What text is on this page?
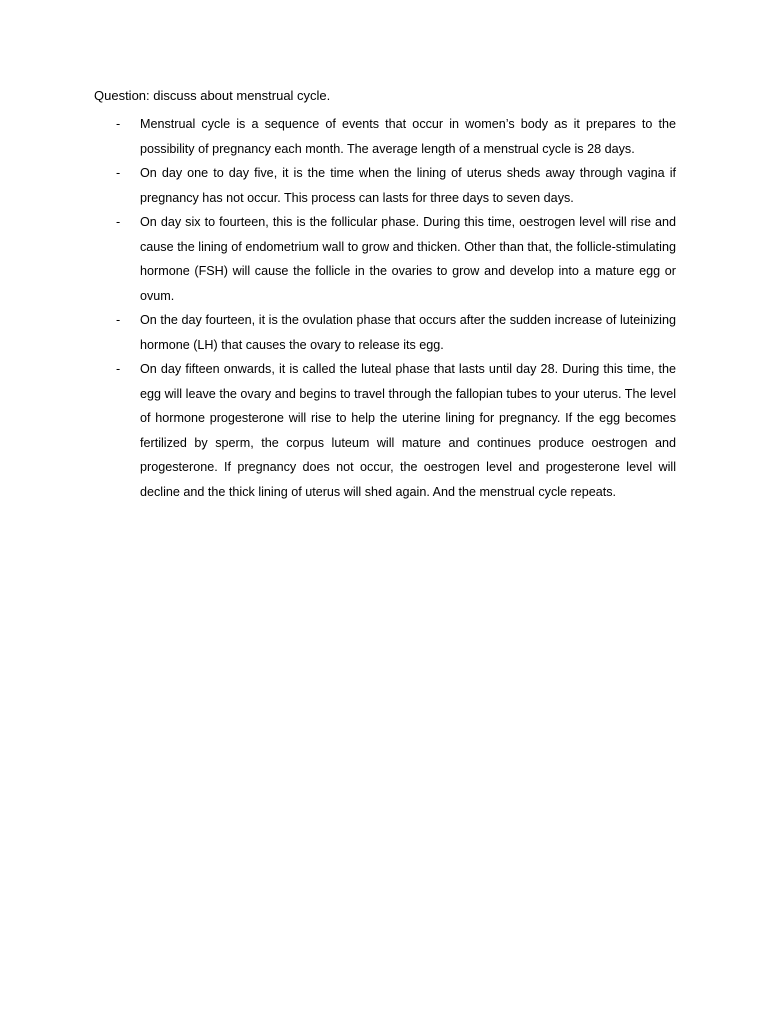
Question: discuss about menstrual cycle.
-	Menstrual cycle is a sequence of events that occur in women’s body as it prepares to the possibility of pregnancy each month. The average length of a menstrual cycle is 28 days.
-	On day one to day five, it is the time when the lining of uterus sheds away through vagina if pregnancy has not occur. This process can lasts for three days to seven days.
-	On day six to fourteen, this is the follicular phase. During this time, oestrogen level will rise and cause the lining of endometrium wall to grow and thicken. Other than that, the follicle-stimulating hormone (FSH) will cause the follicle in the ovaries to grow and develop into a mature egg or ovum.
-	On the day fourteen, it is the ovulation phase that occurs after the sudden increase of luteinizing hormone (LH) that causes the ovary to release its egg.
-	On day fifteen onwards, it is called the luteal phase that lasts until day 28. During this time, the egg will leave the ovary and begins to travel through the fallopian tubes to your uterus. The level of hormone progesterone will rise to help the uterine lining for pregnancy. If the egg becomes fertilized by sperm, the corpus luteum will mature and continues produce oestrogen and progesterone. If pregnancy does not occur, the oestrogen level and progesterone level will decline and the thick lining of uterus will shed again. And the menstrual cycle repeats.
